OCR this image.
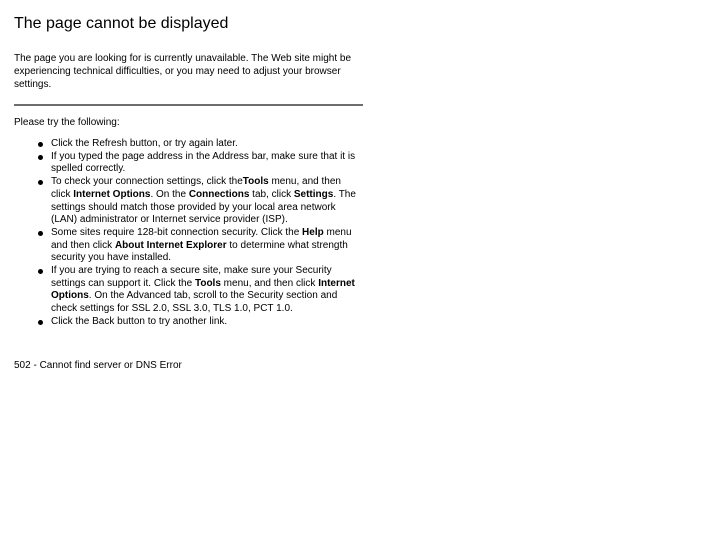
The page cannot be displayed

The page you are looking for is currently unavailable. The Web site might be experiencing technical difficulties, or you may need to adjust your browser settings.

Please try the following:

Click the Refresh button, or try again later.
If you typed the page address in the Address bar, make sure that it is spelled correctly.
To check your connection settings, click theTools menu, and then click Internet Options. On the Connections tab, click Settings. The settings should match those provided by your local area network (LAN) administrator or Internet service provider (ISP).
Some sites require 128-bit connection security. Click the Help menu and then click About Internet Explorer to determine what strength security you have installed.
If you are trying to reach a secure site, make sure your Security settings can support it. Click the Tools menu, and then click Internet Options. On the Advanced tab, scroll to the Security section and check settings for SSL 2.0, SSL 3.0, TLS 1.0, PCT 1.0.
Click the Back button to try another link.

502 - Cannot find server or DNS Error
